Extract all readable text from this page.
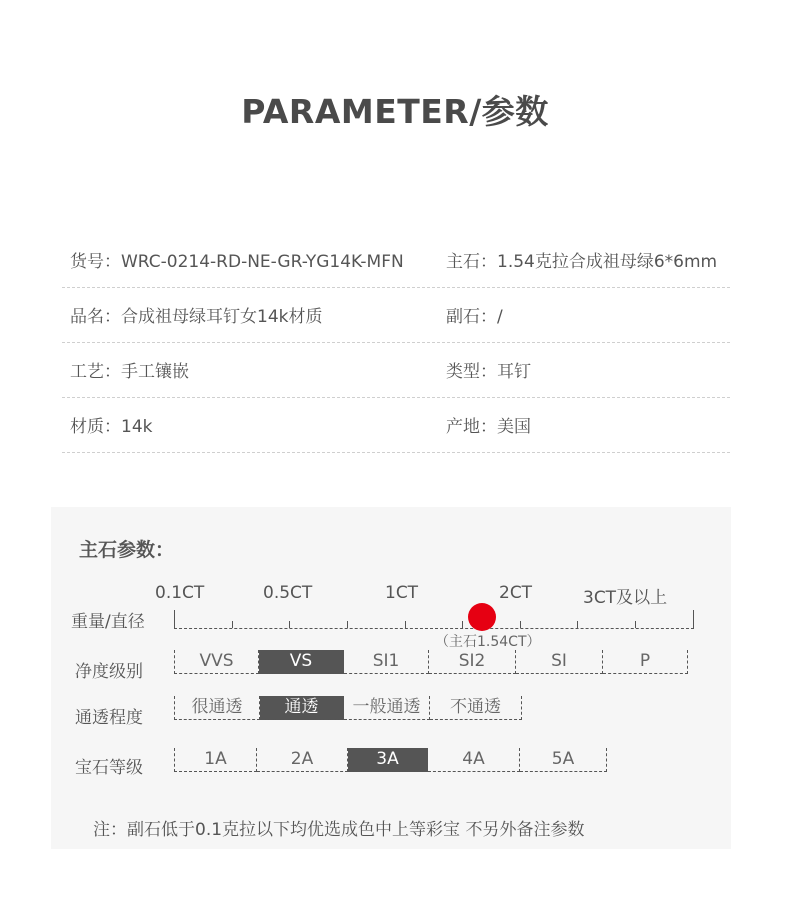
PARAMETER/参数
货号：WRC-0214-RD-NE-GR-YG14K-MFN 主石：1.54克拉合成祖母绿6*6mm
品名：合成祖母绿耳钉女14k材质	副石：/
工艺：手工镶嵌	类型：耳钉
材质：14k	产地：美国
主石参数：
重量/直径
0.1CT	0.5CT	1CT	2CT	3CT及以上
（主石1.54CT）
净度级别
VVS	VS	SI1	SI2	SI	P
通透程度
很通透	通透	一般通透	不通透
宝石等级	1A	2A	3A	4A	5A
注：副石低于0.1克拉以下均优选成色中上等彩宝 不另外备注参数
